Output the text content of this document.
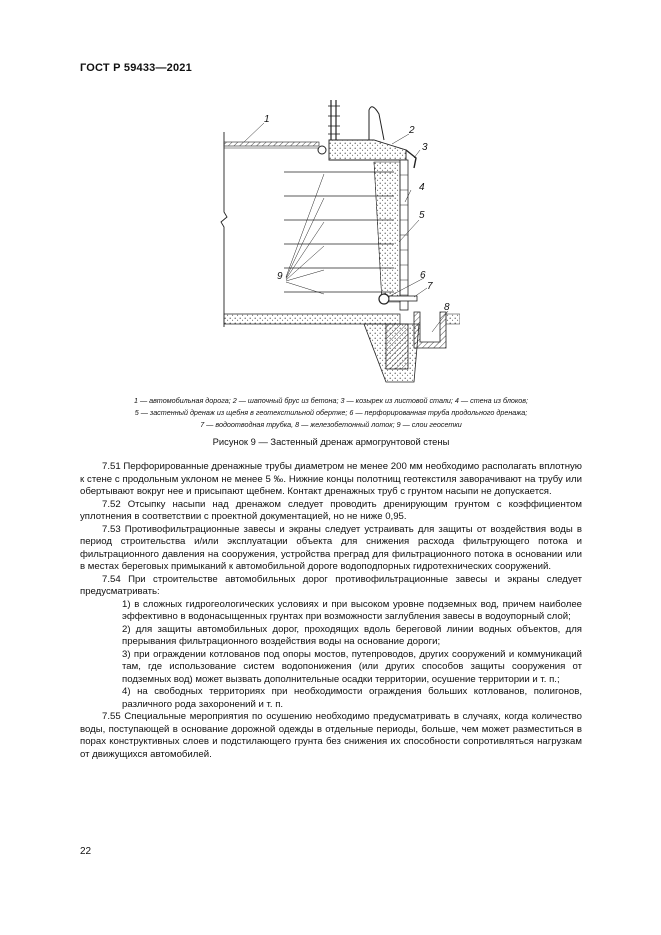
ГОСТ Р 59433—2021
1
2
3
4
5
9	6
7
8
1 — автомобильная дорога; 2 — шапочный брус из бетона; 3 — козырек из листовой стали; 4 — стена из блоков;
5 — застенный дренаж из щебня в геотекстильной обертке; 6 — перфорированная труба продольного дренажа;
7 — водоотводная трубка, 8 — железобетонный лоток; 9 — слои геосетки
Рисунок 9 — Застенный дренаж армогрунтовой стены

7.51 Перфорированные дренажные трубы диаметром не менее 200 мм необходимо располагать вплотную к стене с продольным уклоном не менее 5 ‰. Нижние концы полотнищ геотекстиля заворачивают на трубу или обертывают вокруг нее и присыпают щебнем. Контакт дренажных труб с грунтом насыпи не допускается.

7.52 Отсыпку насыпи над дренажом следует проводить дренирующим грунтом с коэффициентом уплотнения в соответствии с проектной документацией, но не ниже 0,95.

7.53 Противофильтрационные завесы и экраны следует устраивать для защиты от воздействия воды в период строительства и/или эксплуатации объекта для снижения расхода фильтрующего потока и фильтрационного давления на сооружения, устройства преград для фильтрационного потока в основании или в местах береговых примыканий к автомобильной дороге водоподпорных гидротехнических сооружений.

7.54 При строительстве автомобильных дорог противофильтрационные завесы и экраны следует предусматривать:

1) в сложных гидрогеологических условиях и при высоком уровне подземных вод, причем наиболее эффективно в водонасыщенных грунтах при возможности заглубления завесы в водоупорный слой;

2) для защиты автомобильных дорог, проходящих вдоль береговой линии водных объектов, для прерывания фильтрационного воздействия воды на основание дороги;

3) при ограждении котлованов под опоры мостов, путепроводов, других сооружений и коммуникаций там, где использование систем водопонижения (или других способов защиты сооружения от подземных вод) может вызвать дополнительные осадки территории, осушение территории и т. п.;

4) на свободных территориях при необходимости ограждения больших котлованов, полигонов, различного рода захоронений и т. п.

7.55 Специальные мероприятия по осушению необходимо предусматривать в случаях, когда количество воды, поступающей в основание дорожной одежды в отдельные периоды, больше, чем может разместиться в порах конструктивных слоев и подстилающего грунта без снижения их способности сопротивляться нагрузкам от движущихся автомобилей.

22
